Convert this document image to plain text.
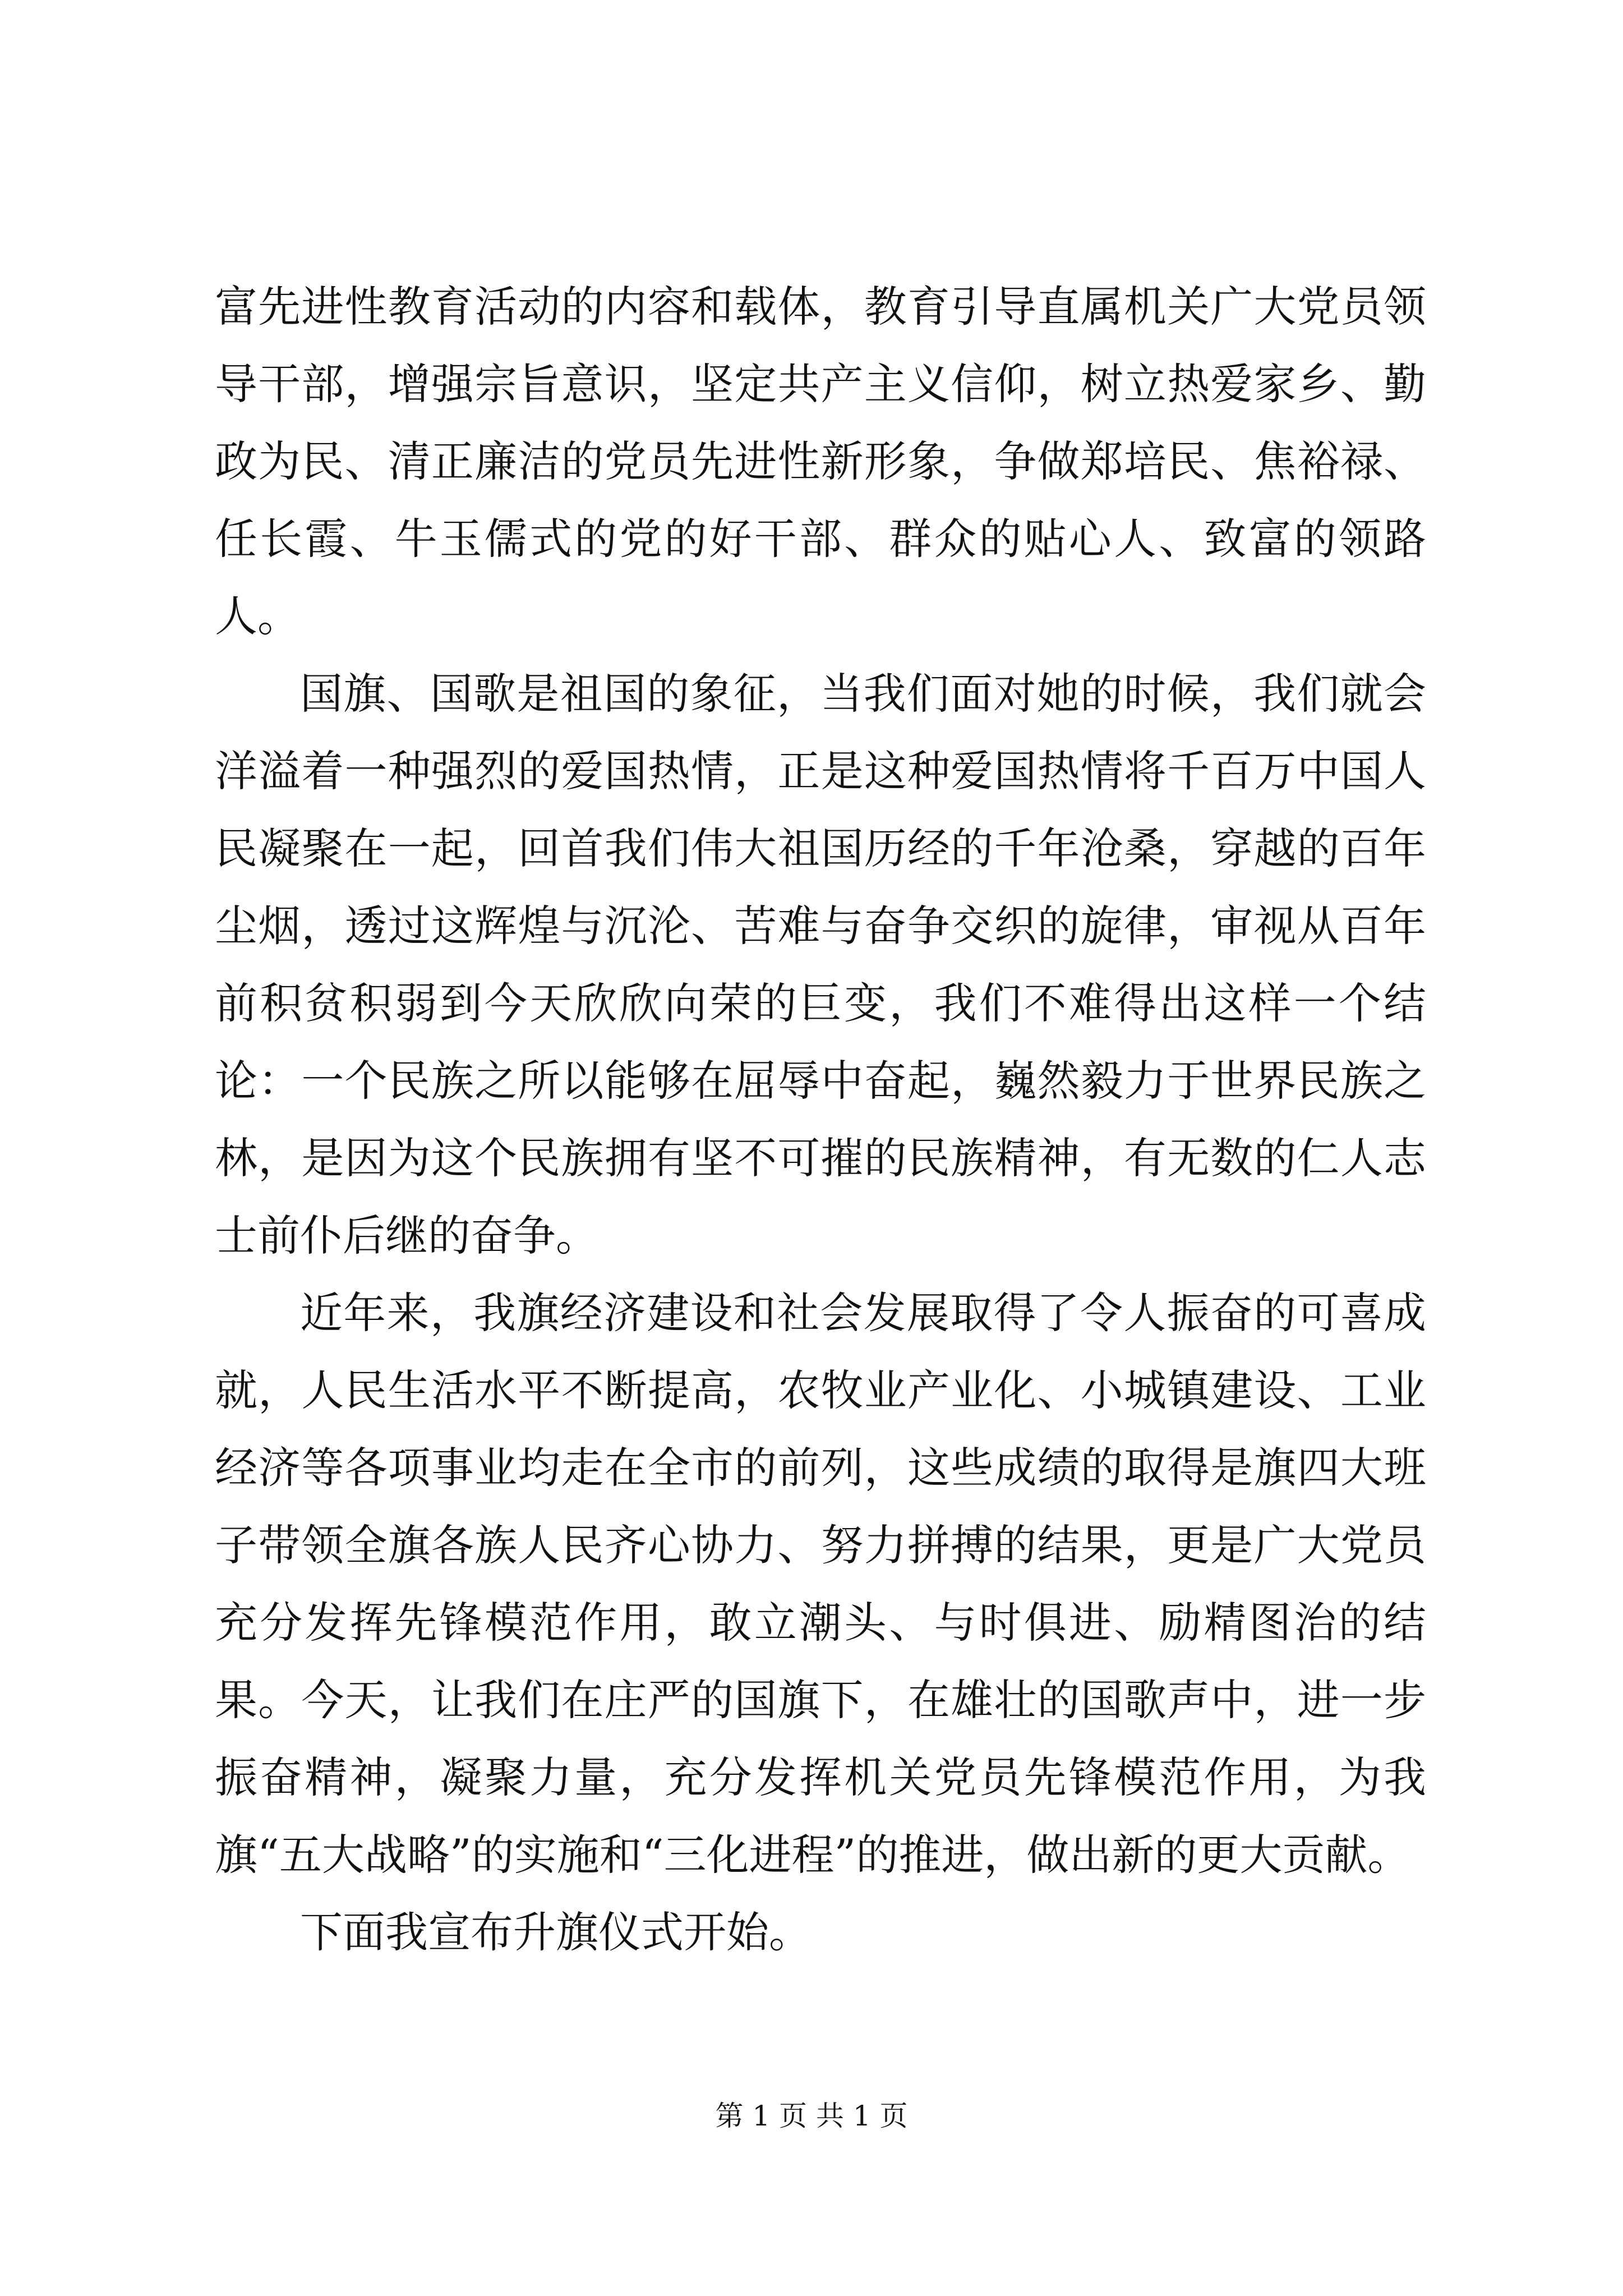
富先进性教育活动的内容和载体，教育引导直属机关广大党员领导干部，增强宗旨意识，坚定共产主义信仰，树立热爱家乡、勤政为民、清正廉洁的党员先进性新形象，争做郑培民、焦裕禄、任长霞、牛玉儒式的党的好干部、群众的贴心人、致富的领路人。

国旗、国歌是祖国的象征，当我们面对她的时候，我们就会洋溢着一种强烈的爱国热情，正是这种爱国热情将千百万中国人民凝聚在一起，回首我们伟大祖国历经的千年沧桑，穿越的百年尘烟，透过这辉煌与沉沦、苦难与奋争交织的旋律，审视从百年前积贫积弱到今天欣欣向荣的巨变，我们不难得出这样一个结论：一个民族之所以能够在屈辱中奋起，巍然毅力于世界民族之林，是因为这个民族拥有坚不可摧的民族精神，有无数的仁人志士前仆后继的奋争。

近年来，我旗经济建设和社会发展取得了令人振奋的可喜成就，人民生活水平不断提高，农牧业产业化、小城镇建设、工业经济等各项事业均走在全市的前列，这些成绩的取得是旗四大班子带领全旗各族人民齐心协力、努力拼搏的结果，更是广大党员充分发挥先锋模范作用，敢立潮头、与时俱进、励精图治的结果。今天，让我们在庄严的国旗下，在雄壮的国歌声中，进一步振奋精神，凝聚力量，充分发挥机关党员先锋模范作用，为我旗“五大战略”的实施和“三化进程”的推进，做出新的更大贡献。

下面我宣布升旗仪式开始。

第 1 页 共 1 页
